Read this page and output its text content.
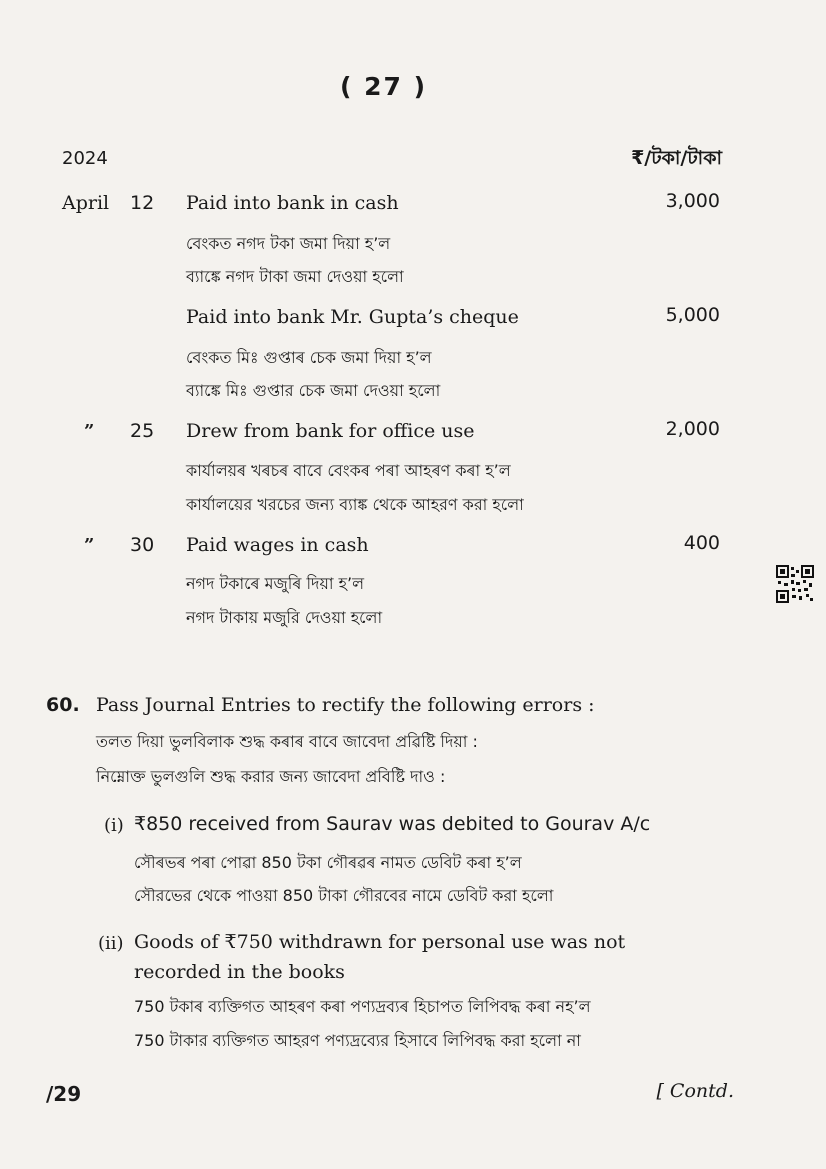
( 27 )
2024	₹/টকা/টাকা
April 12 Paid into bank in cash	3,000
বেংকত নগদ টকা জমা দিয়া হ’ল
ব্যাঙ্কে নগদ টাকা জমা দেওয়া হলো
Paid into bank Mr. Gupta’s cheque	5,000
বেংকত মিঃ গুপ্তাৰ চেক জমা দিয়া হ’ল
ব্যাঙ্কে মিঃ গুপ্তার চেক জমা দেওয়া হলো
” 25 Drew from bank for office use	2,000
কাৰ্যালয়ৰ খৰচৰ বাবে বেংকৰ পৰা আহৰণ কৰা হ’ল
কার্যালয়ের খরচের জন্য ব্যাঙ্ক থেকে আহরণ করা হলো
” 30 Paid wages in cash	400
নগদ টকাৰে মজুৰি দিয়া হ’ল
নগদ টাকায় মজুরি দেওয়া হলো
60. Pass Journal Entries to rectify the following errors :
তলত দিয়া ভুলবিলাক শুদ্ধ কৰাৰ বাবে জাবেদা প্ৰৱিষ্টি দিয়া :
নিম্নোক্ত ভুলগুলি শুদ্ধ করার জন্য জাবেদা প্রবিষ্টি দাও :
(i) ₹850 received from Saurav was debited to Gourav A/c
সৌৰভৰ পৰা পোৱা 850 টকা গৌৰৱৰ নামত ডেবিট কৰা হ’ল
সৌরভের থেকে পাওয়া 850 টাকা গৌরবের নামে ডেবিট করা হলো
(ii) Goods of ₹750 withdrawn for personal use was not
recorded in the books
750 টকাৰ ব্যক্তিগত আহৰণ কৰা পণ্যদ্ৰব্যৰ হিচাপত লিপিবদ্ধ কৰা নহ’ল
750 টাকার ব্যক্তিগত আহরণ পণ্যদ্রব্যের হিসাবে লিপিবদ্ধ করা হলো না
/29	[ Contd.
